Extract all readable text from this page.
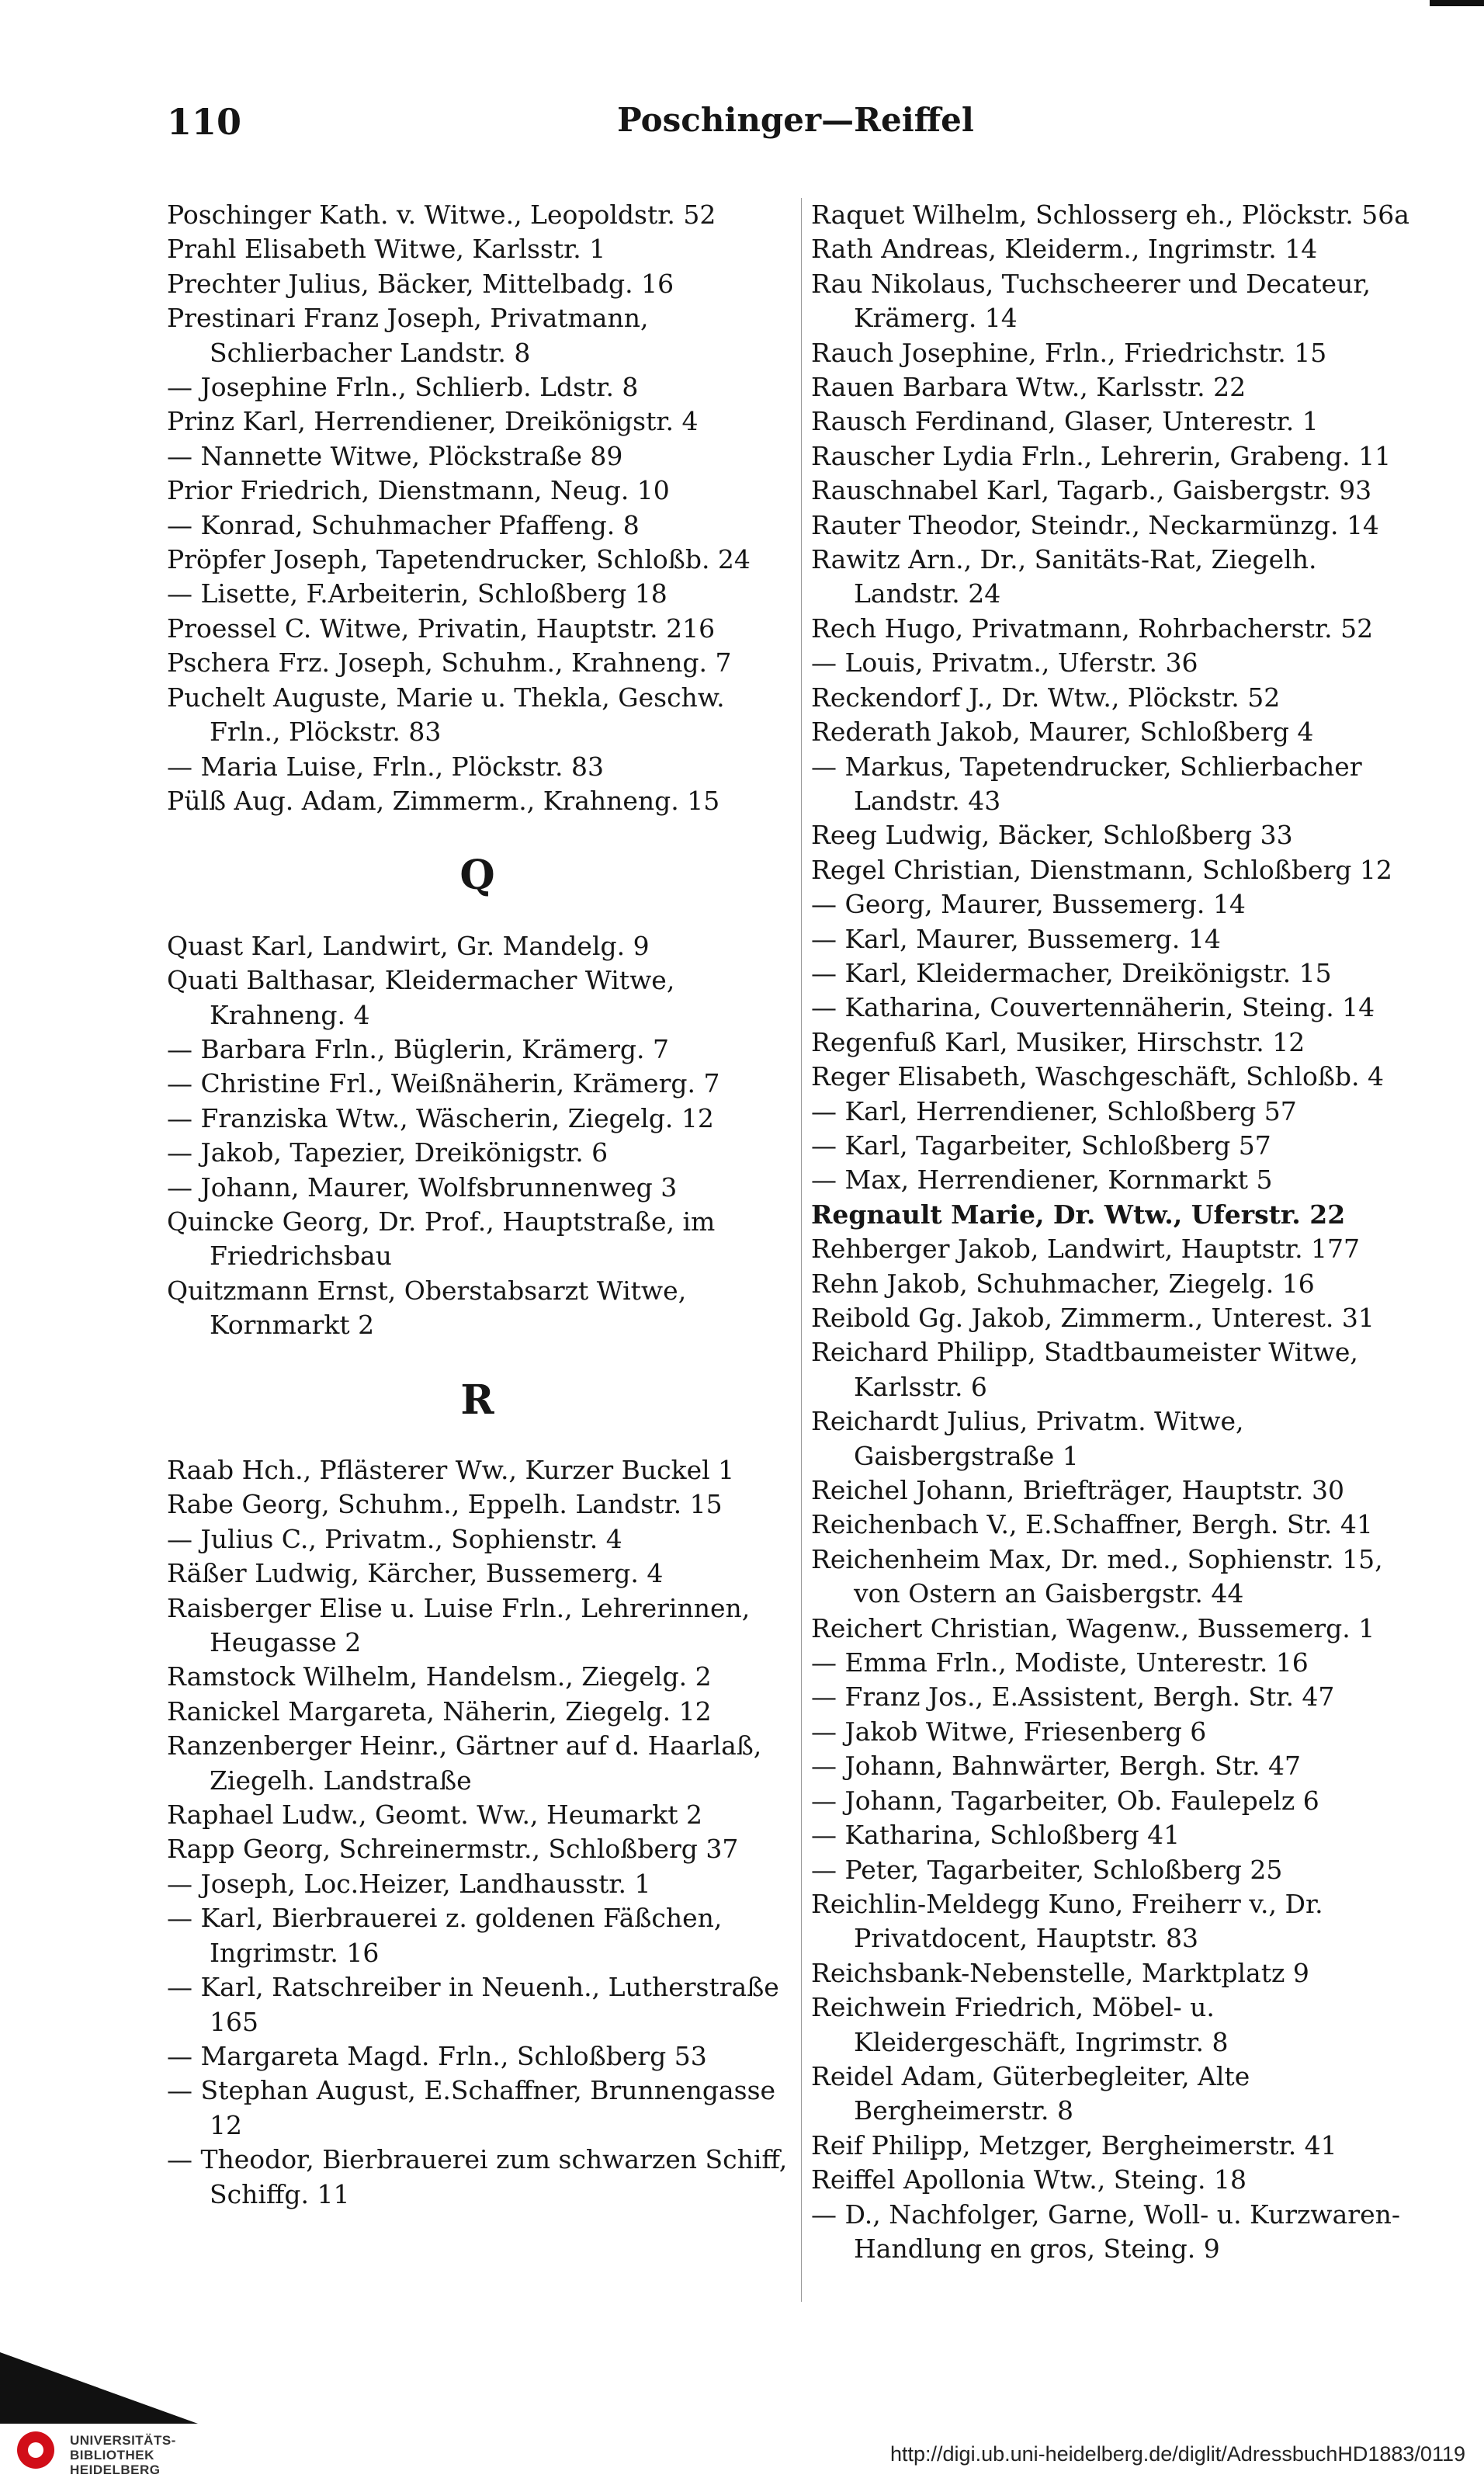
110	Poschinger—Reiffel
Poschinger Kath. v. Witwe., Leopoldstr. 52
Prahl Elisabeth Witwe, Karlsstr. 1
Prechter Julius, Bäcker, Mittelbadg. 16
Prestinari Franz Joseph, Privatmann, Schlierbacher Landstr. 8
— Josephine Frln., Schlierb. Ldstr. 8
Prinz Karl, Herrendiener, Dreikönigstr. 4
— Nannette Witwe, Plöckstraße 89
Prior Friedrich, Dienstmann, Neug. 10
— Konrad, Schuhmacher Pfaffeng. 8
Pröpfer Joseph, Tapetendrucker, Schloßb. 24
— Lisette, F.Arbeiterin, Schloßberg 18
Proessel C. Witwe, Privatin, Hauptstr. 216
Pschera Frz. Joseph, Schuhm., Krahneng. 7
Puchelt Auguste, Marie u. Thekla, Geschw. Frln., Plöckstr. 83
— Maria Luise, Frln., Plöckstr. 83
Pülß Aug. Adam, Zimmerm., Krahneng. 15
Q
Quast Karl, Landwirt, Gr. Mandelg. 9
Quati Balthasar, Kleidermacher Witwe, Krahneng. 4
— Barbara Frln., Büglerin, Krämerg. 7
— Christine Frl., Weißnäherin, Krämerg. 7
— Franziska Wtw., Wäscherin, Ziegelg. 12
— Jakob, Tapezier, Dreikönigstr. 6
— Johann, Maurer, Wolfsbrunnenweg 3
Quincke Georg, Dr. Prof., Hauptstraße, im Friedrichsbau
Quitzmann Ernst, Oberstabsarzt Witwe, Kornmarkt 2
R
Raab Hch., Pflästerer Ww., Kurzer Buckel 1
Rabe Georg, Schuhm., Eppelh. Landstr. 15
— Julius C., Privatm., Sophienstr. 4
Räßer Ludwig, Kärcher, Bussemerg. 4
Raisberger Elise u. Luise Frln., Lehrerinnen, Heugasse 2
Ramstock Wilhelm, Handelsm., Ziegelg. 2
Ranickel Margareta, Näherin, Ziegelg. 12
Ranzenberger Heinr., Gärtner auf d. Haarlaß, Ziegelh. Landstraße
Raphael Ludw., Geomt. Ww., Heumarkt 2
Rapp Georg, Schreinermstr., Schloßberg 37
— Joseph, Loc.Heizer, Landhausstr. 1
— Karl, Bierbrauerei z. goldenen Fäßchen, Ingrimstr. 16
— Karl, Ratschreiber in Neuenh., Lutherstraße 165
— Margareta Magd. Frln., Schloßberg 53
— Stephan August, E.Schaffner, Brunnengasse 12
— Theodor, Bierbrauerei zum schwarzen Schiff, Schiffg. 11
Raquet Wilhelm, Schlosserg eh., Plöckstr. 56a
Rath Andreas, Kleiderm., Ingrimstr. 14
Rau Nikolaus, Tuchscheerer und Decateur, Krämerg. 14
Rauch Josephine, Frln., Friedrichstr. 15
Rauen Barbara Wtw., Karlsstr. 22
Rausch Ferdinand, Glaser, Unterestr. 1
Rauscher Lydia Frln., Lehrerin, Grabeng. 11
Rauschnabel Karl, Tagarb., Gaisbergstr. 93
Rauter Theodor, Steindr., Neckarmünzg. 14
Rawitz Arn., Dr., Sanitäts-Rat, Ziegelh. Landstr. 24
Rech Hugo, Privatmann, Rohrbacherstr. 52
— Louis, Privatm., Uferstr. 36
Reckendorf J., Dr. Wtw., Plöckstr. 52
Rederath Jakob, Maurer, Schloßberg 4
— Markus, Tapetendrucker, Schlierbacher Landstr. 43
Reeg Ludwig, Bäcker, Schloßberg 33
Regel Christian, Dienstmann, Schloßberg 12
— Georg, Maurer, Bussemerg. 14
— Karl, Maurer, Bussemerg. 14
— Karl, Kleidermacher, Dreikönigstr. 15
— Katharina, Couvertennäherin, Steing. 14
Regenfuß Karl, Musiker, Hirschstr. 12
Reger Elisabeth, Waschgeschäft, Schloßb. 4
— Karl, Herrendiener, Schloßberg 57
— Karl, Tagarbeiter, Schloßberg 57
— Max, Herrendiener, Kornmarkt 5
Regnault Marie, Dr. Wtw., Uferstr. 22
Rehberger Jakob, Landwirt, Hauptstr. 177
Rehn Jakob, Schuhmacher, Ziegelg. 16
Reibold Gg. Jakob, Zimmerm., Unterest. 31
Reichard Philipp, Stadtbaumeister Witwe, Karlsstr. 6
Reichardt Julius, Privatm. Witwe, Gaisbergstraße 1
Reichel Johann, Briefträger, Hauptstr. 30
Reichenbach V., E.Schaffner, Bergh. Str. 41
Reichenheim Max, Dr. med., Sophienstr. 15, von Ostern an Gaisbergstr. 44
Reichert Christian, Wagenw., Bussemerg. 1
— Emma Frln., Modiste, Unterestr. 16
— Franz Jos., E.Assistent, Bergh. Str. 47
— Jakob Witwe, Friesenberg 6
— Johann, Bahnwärter, Bergh. Str. 47
— Johann, Tagarbeiter, Ob. Faulepelz 6
— Katharina, Schloßberg 41
— Peter, Tagarbeiter, Schloßberg 25
Reichlin-Meldegg Kuno, Freiherr v., Dr. Privatdocent, Hauptstr. 83
Reichsbank-Nebenstelle, Marktplatz 9
Reichwein Friedrich, Möbel- u. Kleidergeschäft, Ingrimstr. 8
Reidel Adam, Güterbegleiter, Alte Bergheimerstr. 8
Reif Philipp, Metzger, Bergheimerstr. 41
Reiffel Apollonia Wtw., Steing. 18
— D., Nachfolger, Garne, Woll- u. Kurzwaren-Handlung en gros, Steing. 9
UNIVERSITÄTS-
BIBLIOTHEK
HEIDELBERG
http://digi.ub.uni-heidelberg.de/diglit/AdressbuchHD1883/0119
